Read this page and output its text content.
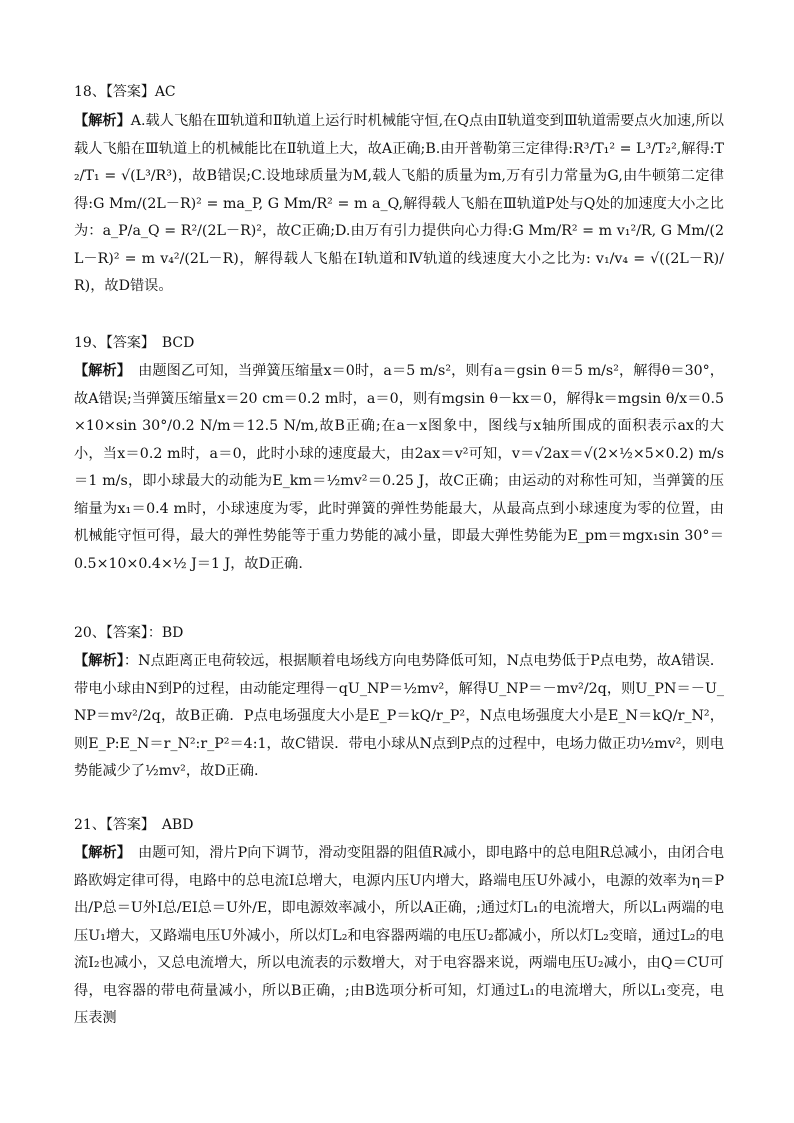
18、【答案】AC
【解析】A.载人飞船在Ⅲ轨道和Ⅱ轨道上运行时机械能守恒,在Q点由Ⅱ轨道变到Ⅲ轨道需要点火加速,所以载人飞船在Ⅲ轨道上的机械能比在Ⅱ轨道上大，故A正确;B.由开普勒第三定律得:R³/T₁² = L³/T₂²,解得:T₂/T₁ = √(L³/R³)，故B错误;C.设地球质量为M,载人飞船的质量为m,万有引力常量为G,由牛顿第二定律得:G Mm/(2L－R)² = ma_P, G Mm/R² = m a_Q,解得载人飞船在Ⅲ轨道P处与Q处的加速度大小之比为：a_P/a_Q = R²/(2L－R)²，故C正确;D.由万有引力提供向心力得:G Mm/R² = m v₁²/R, G Mm/(2L－R)² = m v₄²/(2L－R)，解得载人飞船在Ⅰ轨道和Ⅳ轨道的线速度大小之比为: v₁/v₄ = √((2L－R)/R)，故D错误。
19、【答案】　BCD
【解析】　由题图乙可知，当弹簧压缩量x＝0时，a＝5 m/s²，则有a＝gsin θ＝5 m/s²，解得θ＝30°，故A错误;当弹簧压缩量x＝20 cm＝0.2 m时，a＝0，则有mgsin θ－kx＝0，解得k＝mgsin θ/x＝0.5×10×sin 30°/0.2 N/m＝12.5 N/m,故B正确;在a－x图象中，图线与x轴所围成的面积表示ax的大小，当x＝0.2 m时，a＝0，此时小球的速度最大，由2ax＝v²可知，v＝√2ax＝√(2×½×5×0.2) m/s＝1 m/s，即小球最大的动能为E_km＝½mv²＝0.25 J，故C正确；由运动的对称性可知，当弹簧的压缩量为x₁＝0.4 m时，小球速度为零，此时弹簧的弹性势能最大，从最高点到小球速度为零的位置，由机械能守恒可得，最大的弹性势能等于重力势能的减小量，即最大弹性势能为E_pm＝mgx₁sin 30°＝0.5×10×0.4×½ J＝1 J，故D正确.
20、【答案】：BD
【解析】：N点距离正电荷较远，根据顺着电场线方向电势降低可知，N点电势低于P点电势，故A错误．带电小球由N到P的过程，由动能定理得－qU_NP＝½mv²，解得U_NP＝－mv²/2q，则U_PN＝－U_NP＝mv²/2q，故B正确．P点电场强度大小是E_P＝kQ/r_P²，N点电场强度大小是E_N＝kQ/r_N²，则E_P:E_N＝r_N²:r_P²＝4:1，故C错误．带电小球从N点到P点的过程中，电场力做正功½mv²，则电势能减少了½mv²，故D正确.
21、【答案】　ABD
【解析】　由题可知，滑片P向下调节，滑动变阻器的阻值R减小，即电路中的总电阻R总减小，由闭合电路欧姆定律可得，电路中的总电流I总增大，电源内压U内增大，路端电压U外减小，电源的效率为η＝P出/P总＝U外I总/EI总＝U外/E，即电源效率减小，所以A正确，;通过灯L₁的电流增大，所以L₁两端的电压U₁增大，又路端电压U外减小，所以灯L₂和电容器两端的电压U₂都减小，所以灯L₂变暗，通过L₂的电流I₂也减小，又总电流增大，所以电流表的示数增大，对于电容器来说，两端电压U₂减小，由Q＝CU可得，电容器的带电荷量减小，所以B正确，;由B选项分析可知，灯通过L₁的电流增大，所以L₁变亮，电压表测
